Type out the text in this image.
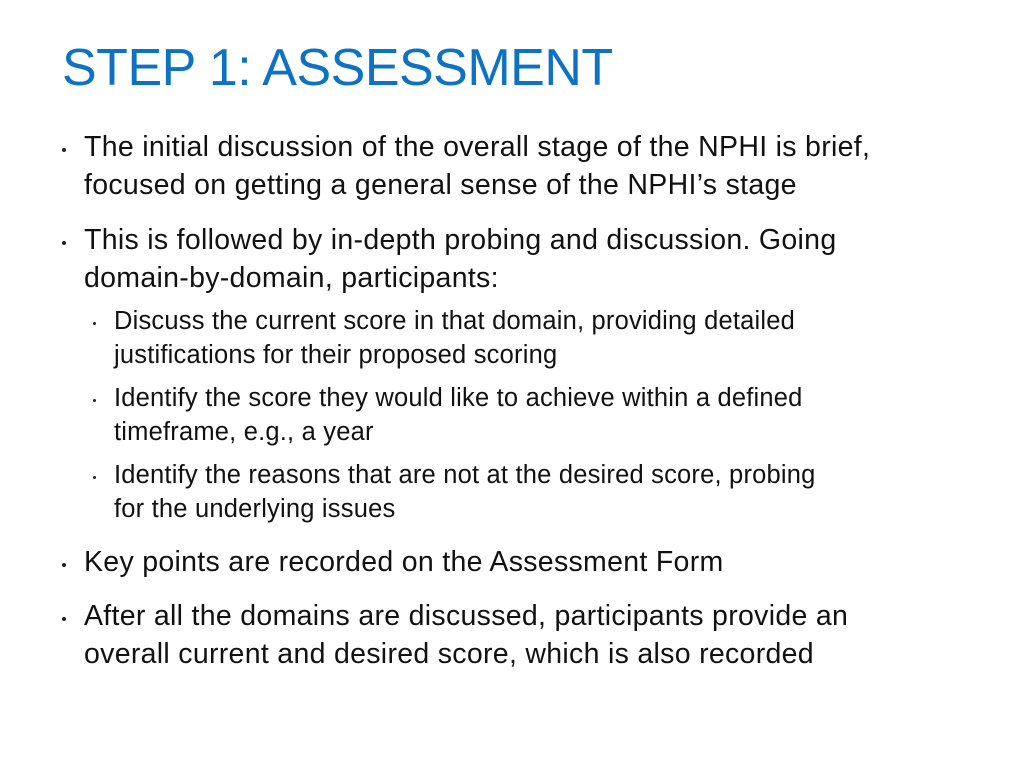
STEP 1: ASSESSMENT
The initial discussion of the overall stage of the NPHI is brief,
focused on getting a general sense of the NPHI’s stage
This is followed by in-depth probing and discussion. Going
domain-by-domain, participants:
Discuss the current score in that domain, providing detailed
justifications for their proposed scoring
Identify the score they would like to achieve within a defined
timeframe, e.g., a year
Identify the reasons that are not at the desired score, probing
for the underlying issues
Key points are recorded on the Assessment Form
After all the domains are discussed, participants provide an
overall current and desired score, which is also recorded
